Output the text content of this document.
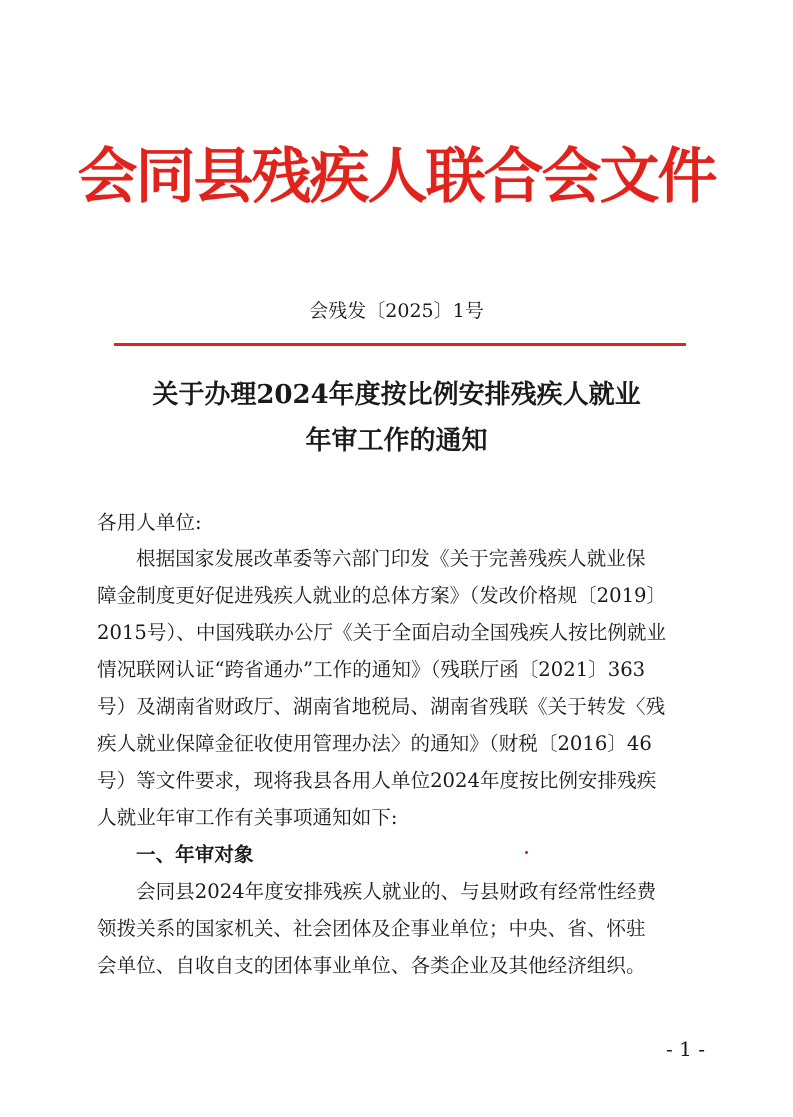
会同县残疾人联合会文件
会残发〔2025〕1号
关于办理2024年度按比例安排残疾人就业
年审工作的通知
各用人单位:
根据国家发展改革委等六部门印发《关于完善残疾人就业保
障金制度更好促进残疾人就业的总体方案》（发改价格规〔2019〕
2015号）、中国残联办公厅《关于全面启动全国残疾人按比例就业
情况联网认证“跨省通办”工作的通知》（残联厅函〔2021〕363
号）及湖南省财政厅、湖南省地税局、湖南省残联《关于转发〈残
疾人就业保障金征收使用管理办法〉的通知》（财税〔2016〕46
号）等文件要求，现将我县各用人单位2024年度按比例安排残疾
人就业年审工作有关事项通知如下:
一、年审对象
会同县2024年度安排残疾人就业的、与县财政有经常性经费
领拨关系的国家机关、社会团体及企事业单位；中央、省、怀驻
会单位、自收自支的团体事业单位、各类企业及其他经济组织。
- 1 -
